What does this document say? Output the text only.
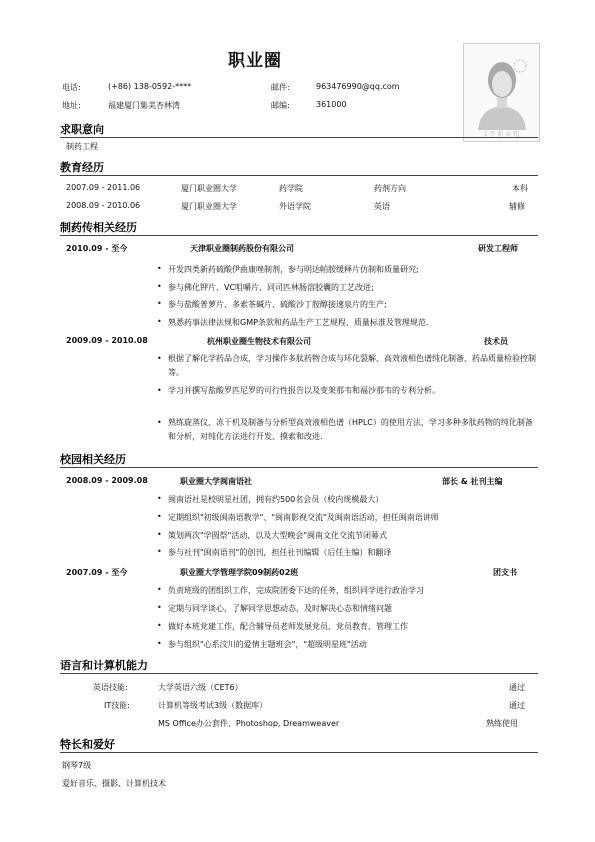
职业圈
电话:	(+86) 138-0592-****	邮件:	963476990@qq.com
地址:	福建厦门集美杏林湾	邮编:	361000
1 宇 职 业 帽
求职意向
制药工程
教育经历
2007.09 - 2011.06	厦门职业圈大学	药学院	药剂方向	本科
2008.09 - 2010.06	厦门职业圈大学	外语学院	英语	辅修
制药传相关经历
2010.09 - 至今	天津职业圈制药股份有限公司	研发工程师
• 开发四类新药硫酸伊曲康唑制剂，参与明达帕胺缓释片仿制和质量研究;
• 参与佛化钾片、VC咀嚼片、同司匹林肠溶胶囊的工艺改进;
• 参与盐酸普萝片、多索茶碱片、硫酸沙丁胺醇接速泉片的生产;
• 熟悉药事法律法规和GMP条款和药品生产工艺规程、质量标准及管理规范.
2009.09 - 2010.08	杭州职业圈生物技术有限公司	技术员
• 根据了解化学药品合成，学习操作多肽药物合成与环化裂解、高效液相色谱纯化制备、药品质量检验控制等。
• 学习并撰写盐酸罗匹尼罗的可行性报告以及变架那韦和福沙那韦的专利分析。
• 熟练旋蒸仪、冻干机及制备与分析型高效液相色谱（HPLC）的使用方法，学习多种多肽药物的纯化制备和分析，对纯化方法进行开发、摸索和改进.
校园相关经历
2008.09 - 2009.08	职业圈大学闽南语社	部长 & 社刊主编
• 闽南语社是校明星社团，拥有约500名会员（校内规模最大）
• 定期组织"初级闽南语教学"、"闽南影视交流"及闽南语活动，担任闽南语讲师
• 策划两次"学圆祭"活动，以及大型晚会"闽南文化交流节闭幕式
• 参与社刊"闽南语刊"的创刊，担任社刊编辑（后任主编）和翻译
2007.09 - 至今	职业圈大学管理学院09制药02班	团支书
• 负责班级的团组织工作，完成院团委下达的任务，组织同学进行政治学习
• 定期与同学谈心，了解同学思想动态，及时解决心态和情绪问题
• 做好本班党建工作，配合辅导员老师发展党员、党员教育、管理工作
• 参与组织"心系汶川的爱情主题班会"，"超级明星班"活动
语言和计算机能力
英语技能:	大学英语六级（CET6）	通过
IT技能:	计算机等级考试3级（数据库）	通过
MS Office办公套件、Photoshop, Dreamweaver	熟练使用
特长和爱好
钢琴7级
爱好音乐、摄影、计算机技术
